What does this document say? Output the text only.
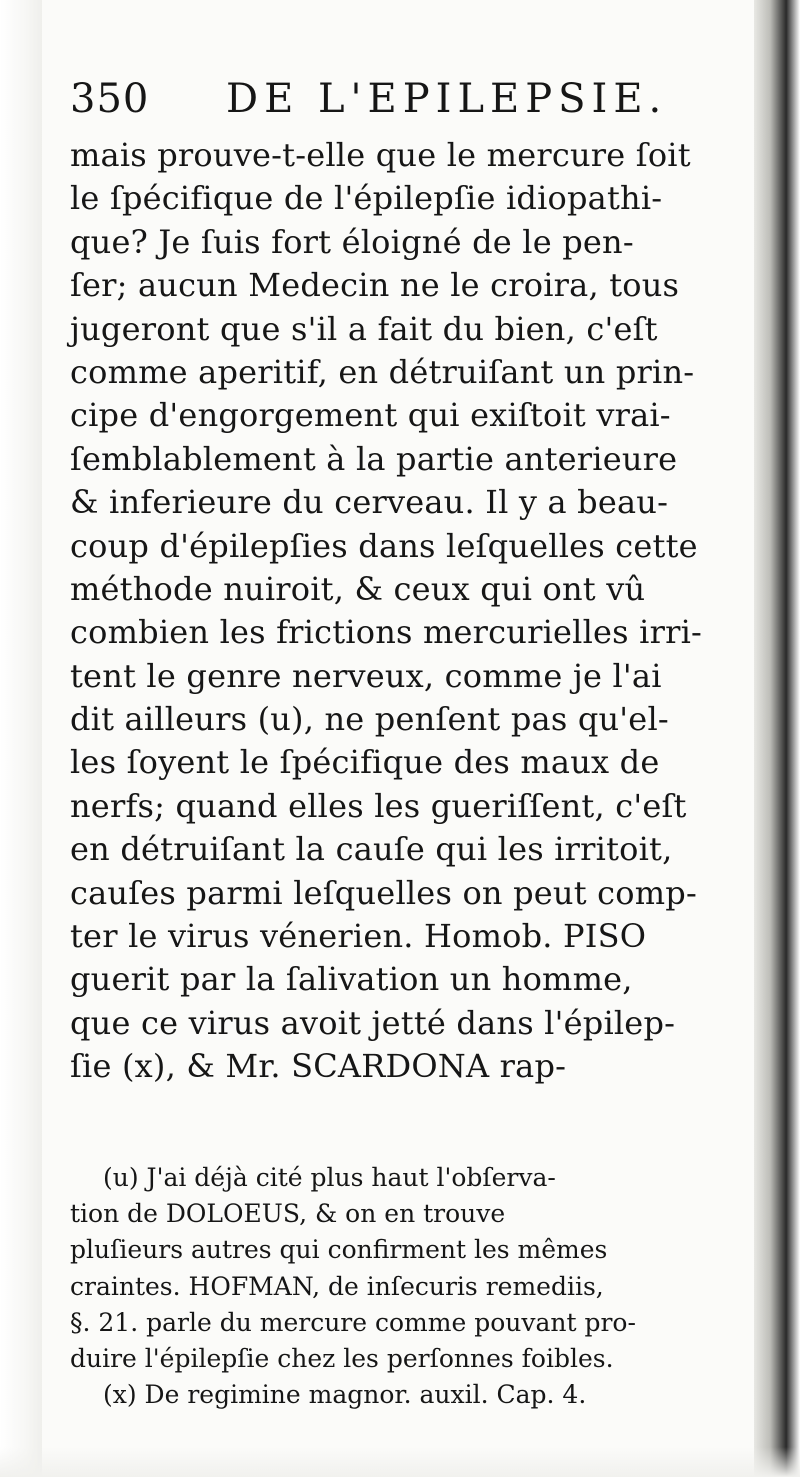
350 DE L'EPILEPSIE.
mais prouve-t-elle que le mercure ſoit
le ſpécifique de l'épilepſie idiopathi-
que? Je ſuis fort éloigné de le pen-
ſer; aucun Medecin ne le croira, tous
jugeront que s'il a fait du bien, c'eſt
comme aperitif, en détruiſant un prin-
cipe d'engorgement qui exiſtoit vrai-
ſemblablement à la partie anterieure
& inferieure du cerveau. Il y a beau-
coup d'épilepſies dans leſquelles cette
méthode nuiroit, & ceux qui ont vû
combien les frictions mercurielles irri-
tent le genre nerveux, comme je l'ai
dit ailleurs (u), ne penſent pas qu'el-
les ſoyent le ſpécifique des maux de
nerfs; quand elles les gueriſſent, c'eſt
en détruiſant la cauſe qui les irritoit,
cauſes parmi leſquelles on peut comp-
ter le virus vénerien. Homob. PISO
guerit par la ſalivation un homme,
que ce virus avoit jetté dans l'épilep-
ſie (x), & Mr. SCARDONA rap-
(u) J'ai déjà cité plus haut l'obſerva-
tion de DOLOEUS, & on en trouve
pluſieurs autres qui confirment les mêmes
craintes. HOFMAN, de inſecuris remediis,
§. 21. parle du mercure comme pouvant pro-
duire l'épilepſie chez les perſonnes foibles.
(x) De regimine magnor. auxil. Cap. 4.
